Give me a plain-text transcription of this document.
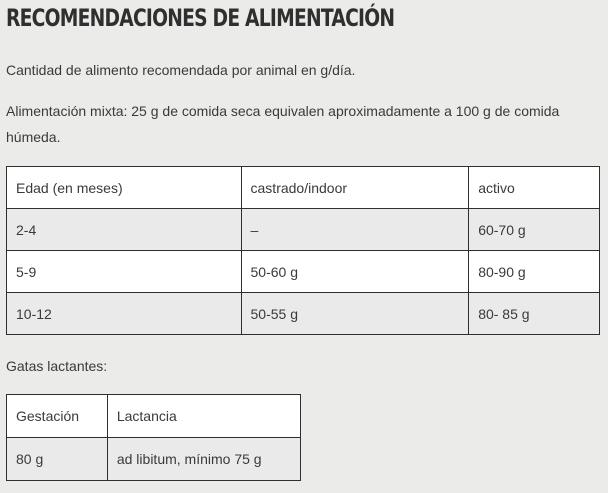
RECOMENDACIONES DE ALIMENTACIÓN

Cantidad de alimento recomendada por animal en g/día.

Alimentación mixta: 25 g de comida seca equivalen aproximadamente a 100 g de comida húmeda.

Edad (en meses)	castrado/indoor	activo
2-4	–	60-70 g
5-9	50-60 g	80-90 g
10-12	50-55 g	80- 85 g

Gatas lactantes:

Gestación	Lactancia
80 g	ad libitum, mínimo 75 g
